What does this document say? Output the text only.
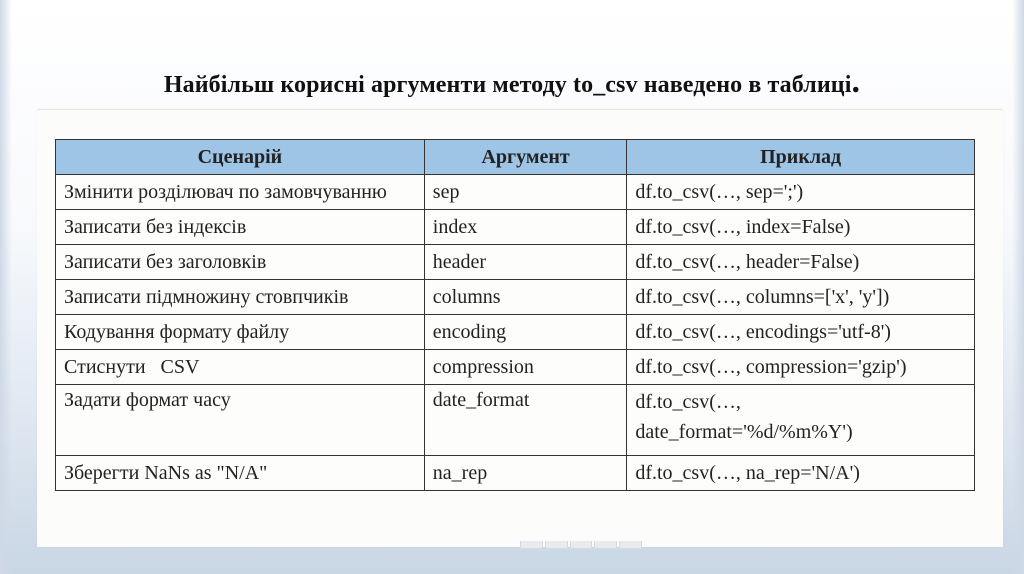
Найбільш корисні аргументи методу to_csv наведено в таблиці.
Сценарій	Аргумент	Приклад
Змінити розділювач по замовчуванню	sep	df.to_csv(…, sep=';')
Записати без індексів	index	df.to_csv(…, index=False)
Записати без заголовків	header	df.to_csv(…, header=False)
Записати підмножину стовпчиків	columns	df.to_csv(…, columns=['x', 'y'])
Кодування формату файлу	encoding	df.to_csv(…, encodings='utf-8')
Стиснути   CSV	compression	df.to_csv(…, compression='gzip')
Задати формат часу	date_format	df.to_csv(…,
date_format='%d/%m%Y')

Зберегти NaNs as "N/A"	na_rep	df.to_csv(…, na_rep='N/A')
